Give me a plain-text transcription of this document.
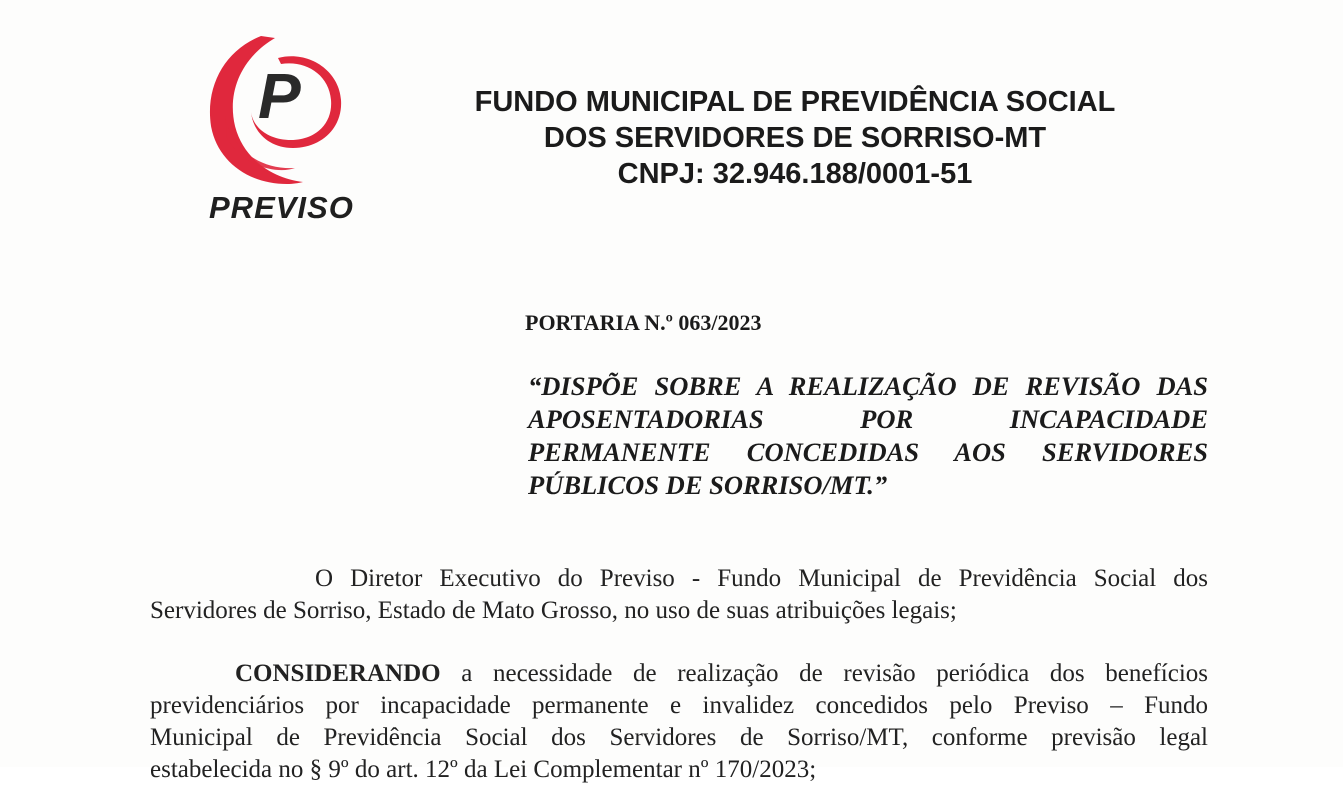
P
PREVISO
FUNDO MUNICIPAL DE PREVIDÊNCIA SOCIAL
DOS SERVIDORES DE SORRISO-MT
CNPJ: 32.946.188/0001-51
PORTARIA N.º 063/2023
“DISPÕE SOBRE A REALIZAÇÃO DE REVISÃO DAS
APOSENTADORIAS POR INCAPACIDADE
PERMANENTE CONCEDIDAS AOS SERVIDORES
PÚBLICOS DE SORRISO/MT.”
O Diretor Executivo do Previso - Fundo Municipal de Previdência Social dos
Servidores de Sorriso, Estado de Mato Grosso, no uso de suas atribuições legais;
CONSIDERANDO a necessidade de realização de revisão periódica dos benefícios
previdenciários por incapacidade permanente e invalidez concedidos pelo Previso – Fundo
Municipal de Previdência Social dos Servidores de Sorriso/MT, conforme previsão legal
estabelecida no § 9º do art. 12º da Lei Complementar nº 170/2023;
